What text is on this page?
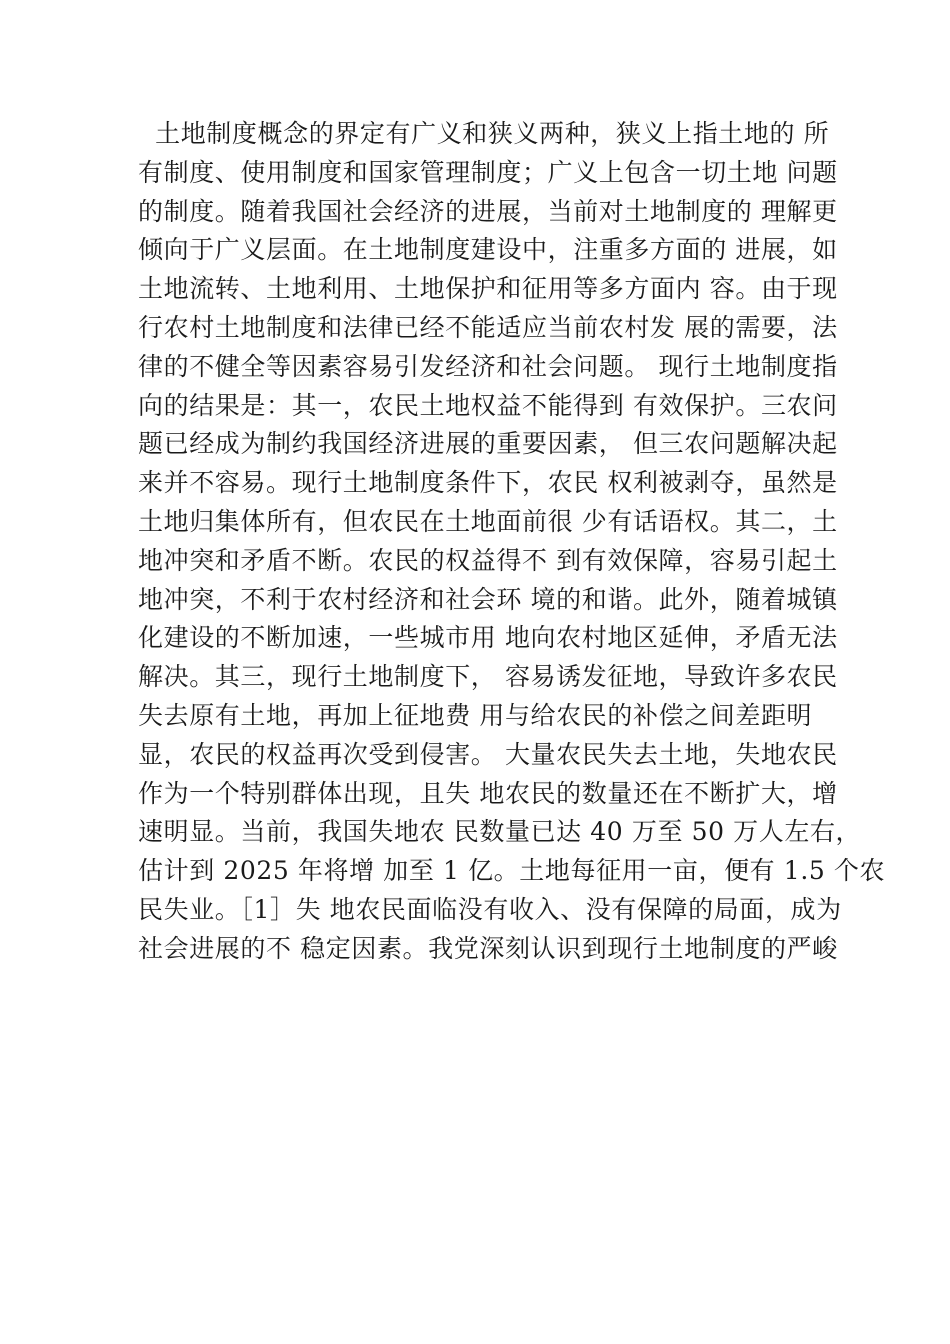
土地制度概念的界定有广义和狭义两种，狭义上指土地的 所
有制度、使用制度和国家管理制度；广义上包含一切土地 问题
的制度。随着我国社会经济的进展，当前对土地制度的 理解更
倾向于广义层面。在土地制度建设中，注重多方面的 进展，如
土地流转、土地利用、土地保护和征用等多方面内 容。由于现
行农村土地制度和法律已经不能适应当前农村发 展的需要，法
律的不健全等因素容易引发经济和社会问题。 现行土地制度指
向的结果是：其一，农民土地权益不能得到 有效保护。三农问
题已经成为制约我国经济进展的重要因素， 但三农问题解决起
来并不容易。现行土地制度条件下，农民 权利被剥夺，虽然是
土地归集体所有，但农民在土地面前很 少有话语权。其二，土
地冲突和矛盾不断。农民的权益得不 到有效保障，容易引起土
地冲突，不利于农村经济和社会环 境的和谐。此外，随着城镇
化建设的不断加速，一些城市用 地向农村地区延伸，矛盾无法
解决。其三，现行土地制度下， 容易诱发征地，导致许多农民
失去原有土地，再加上征地费 用与给农民的补偿之间差距明
显，农民的权益再次受到侵害。 大量农民失去土地，失地农民
作为一个特别群体出现，且失 地农民的数量还在不断扩大，增
速明显。当前，我国失地农 民数量已达 40 万至 50 万人左右，
估计到 2025 年将增 加至 1 亿。土地每征用一亩，便有 1.5 个农
民失业。［1］失 地农民面临没有收入、没有保障的局面，成为
社会进展的不 稳定因素。我党深刻认识到现行土地制度的严峻
